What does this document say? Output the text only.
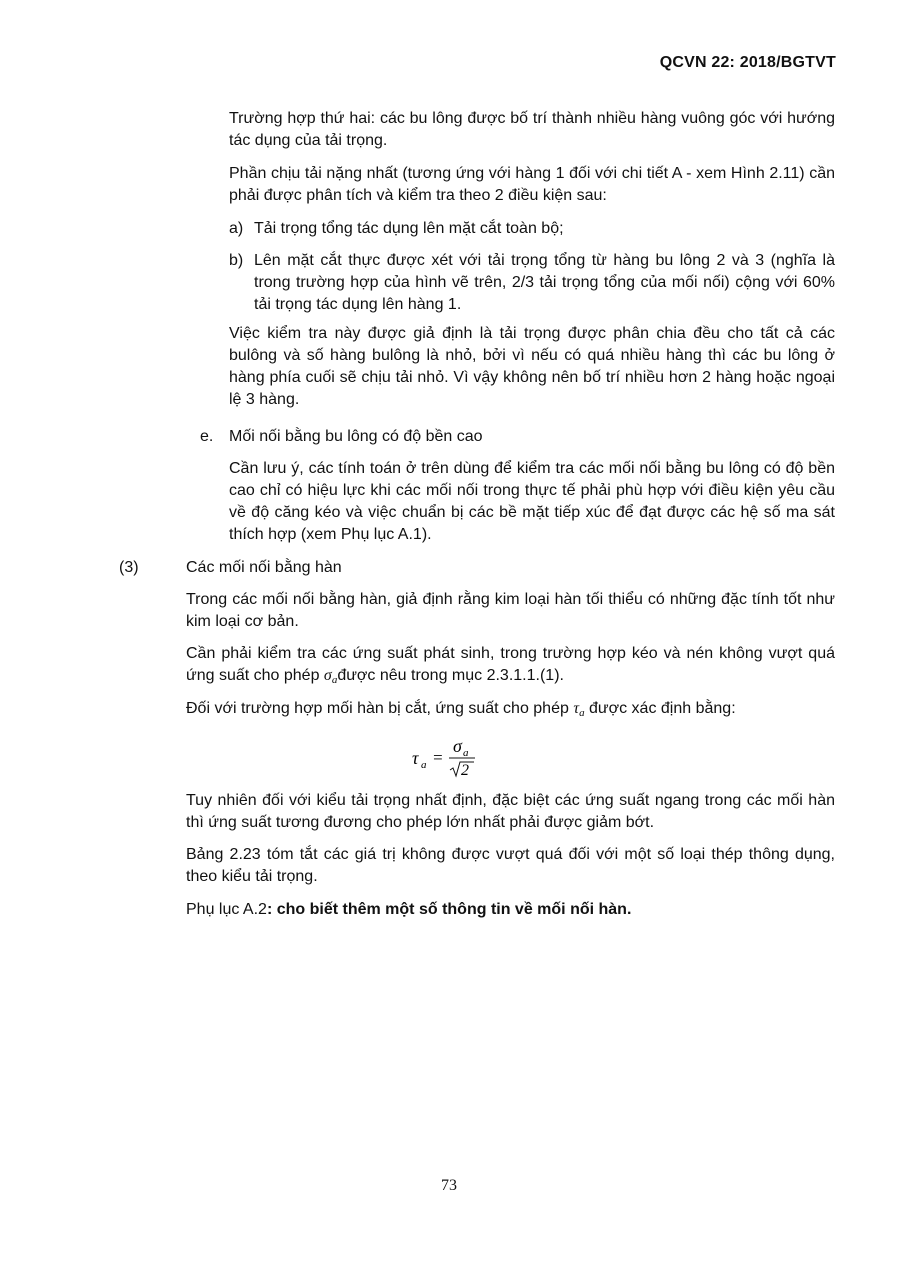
QCVN 22: 2018/BGTVT

Trường hợp thứ hai: các bu lông được bố trí thành nhiều hàng vuông góc với hướng tác dụng của tải trọng.

Phần chịu tải nặng nhất (tương ứng với hàng 1 đối với chi tiết A - xem Hình 2.11) cần phải được phân tích và kiểm tra theo 2 điều kiện sau:

a) Tải trọng tổng tác dụng lên mặt cắt toàn bộ;
b) Lên mặt cắt thực được xét với tải trọng tổng từ hàng bu lông 2 và 3 (nghĩa là trong trường hợp của hình vẽ trên, 2/3 tải trọng tổng của mối nối) cộng với 60% tải trọng tác dụng lên hàng 1.

Việc kiểm tra này được giả định là tải trọng được phân chia đều cho tất cả các bulông và số hàng bulông là nhỏ, bởi vì nếu có quá nhiều hàng thì các bu lông ở hàng phía cuối sẽ chịu tải nhỏ. Vì vậy không nên bố trí nhiều hơn 2 hàng hoặc ngoại lệ 3 hàng.

e. Mối nối bằng bu lông có độ bền cao

Cần lưu ý, các tính toán ở trên dùng để kiểm tra các mối nối bằng bu lông có độ bền cao chỉ có hiệu lực khi các mối nối trong thực tế phải phù hợp với điều kiện yêu cầu về độ căng kéo và việc chuẩn bị các bề mặt tiếp xúc để đạt được các hệ số ma sát thích hợp (xem Phụ lục A.1).

(3)	Các mối nối bằng hàn

Trong các mối nối bằng hàn, giả định rằng kim loại hàn tối thiểu có những đặc tính tốt như kim loại cơ bản.

Cần phải kiểm tra các ứng suất phát sinh, trong trường hợp kéo và nén không vượt quá ứng suất cho phép $\sigma_ađược$ nêu trong mục 2.3.1.1.(1).

Đối với trường hợp mối hàn bị cắt, ứng suất cho phép $\tau_a$ được xác định bằng:

τ a =
σ a
2

Tuy nhiên đối với kiểu tải trọng nhất định, đặc biệt các ứng suất ngang trong các mối hàn thì ứng suất tương đương cho phép lớn nhất phải được giảm bớt.

Bảng 2.23 tóm tắt các giá trị không được vượt quá đối với một số loại thép thông dụng, theo kiểu tải trọng.

Phụ lục A.2: cho biết thêm một số thông tin về mối nối hàn.

73
